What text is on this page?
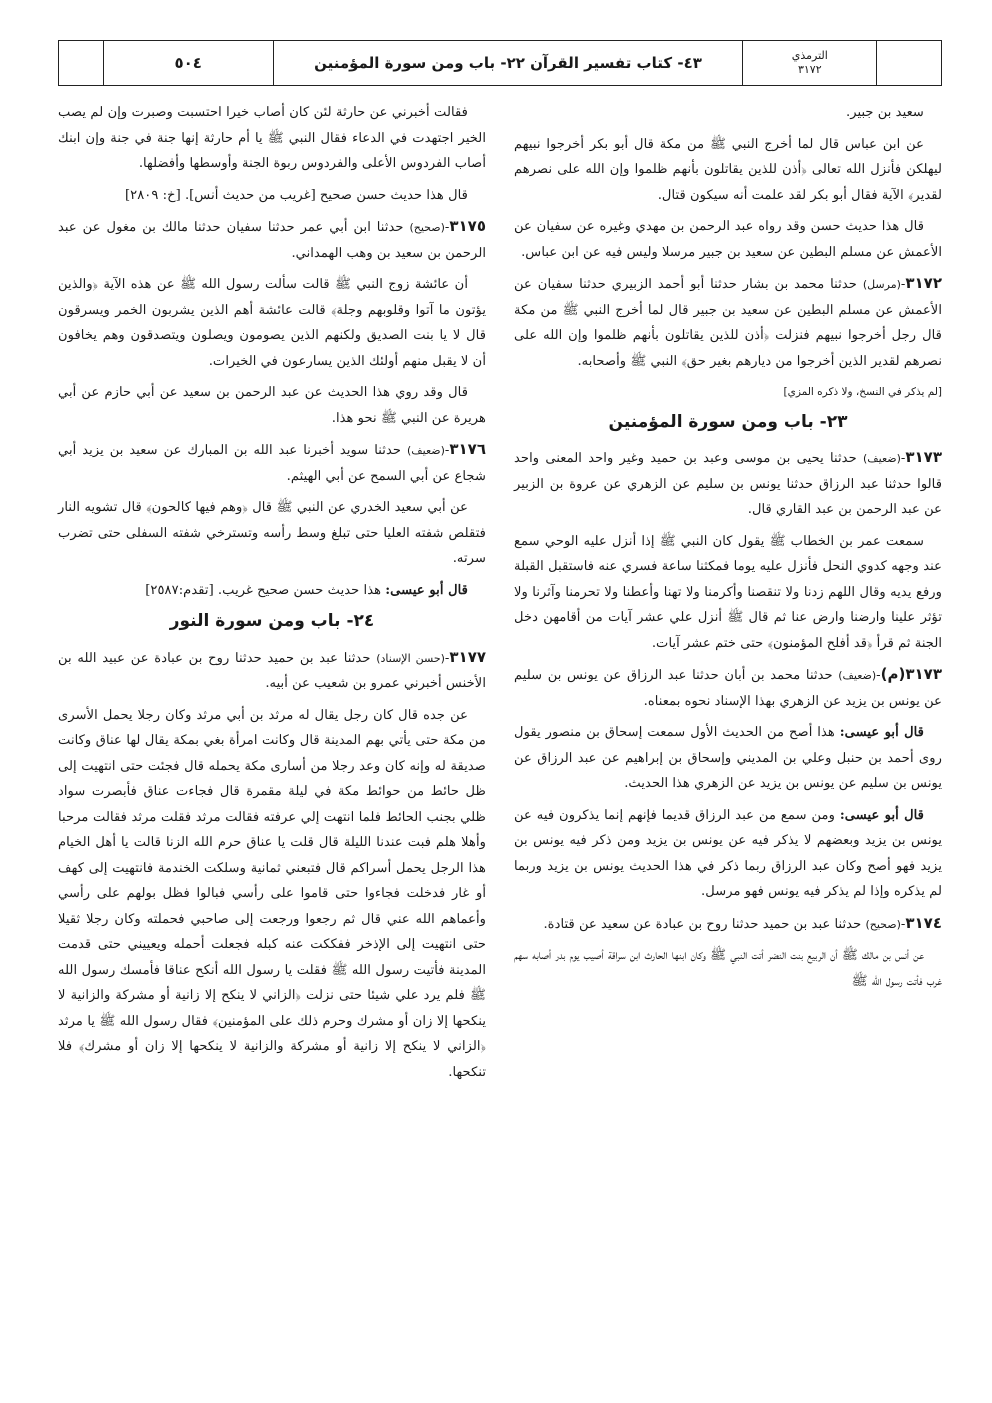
٥٠٤	٤٣- كتاب تفسير القرآن ٢٢- باب ومن سورة المؤمنين	الترمذي
٣١٧٢

سعيد بن جبير.

عن ابن عباس قال لما أخرج النبي ﷺ من مكة قال أبو بكر أخرجوا نبيهم ليهلكن فأنزل الله تعالى ﴿أذن للذين يقاتلون بأنهم ظلموا وإن الله على نصرهم لقدير﴾ الآية فقال أبو بكر لقد علمت أنه سيكون قتال.

قال هذا حديث حسن وقد رواه عبد الرحمن بن مهدي وغيره عن سفيان عن الأعمش عن مسلم البطين عن سعيد بن جبير مرسلا وليس فيه عن ابن عباس.

٣١٧٢-(مرسل) حدثنا محمد بن بشار حدثنا أبو أحمد الزبيري حدثنا سفيان عن الأعمش عن مسلم البطين عن سعيد بن جبير قال لما أخرج النبي ﷺ من مكة قال رجل أخرجوا نبيهم فنزلت ﴿أذن للذين يقاتلون بأنهم ظلموا وإن الله على نصرهم لقدير الذين أخرجوا من ديارهم بغير حق﴾ النبي ﷺ وأصحابه.

[لم يذكر في النسخ، ولا ذكره المزي]
٢٣- باب ومن سورة المؤمنين

٣١٧٣-(ضعيف) حدثنا يحيى بن موسى وعبد بن حميد وغير واحد المعنى واحد قالوا حدثنا عبد الرزاق حدثنا يونس بن سليم عن الزهري عن عروة بن الزبير عن عبد الرحمن بن عبد القاري قال.

سمعت عمر بن الخطاب ﷺ يقول كان النبي ﷺ إذا أنزل عليه الوحي سمع عند وجهه كدوي النحل فأنزل عليه يوما فمكثنا ساعة فسري عنه فاستقبل القبلة ورفع يديه وقال اللهم زدنا ولا تنقصنا وأكرمنا ولا تهنا وأعطنا ولا تحرمنا وآثرنا ولا تؤثر علينا وارضنا وارض عنا ثم قال ﷺ أنزل علي عشر آيات من أقامهن دخل الجنة ثم قرأ ﴿قد أفلح المؤمنون﴾ حتى ختم عشر آيات.

٣١٧٣(م)-(ضعيف) حدثنا محمد بن أبان حدثنا عبد الرزاق عن يونس بن سليم عن يونس بن يزيد عن الزهري بهذا الإسناد نحوه بمعناه.

قال أبو عيسى: هذا أصح من الحديث الأول سمعت إسحاق بن منصور يقول روى أحمد بن حنبل وعلي بن المديني وإسحاق بن إبراهيم عن عبد الرزاق عن يونس بن سليم عن يونس بن يزيد عن الزهري هذا الحديث.

قال أبو عيسى: ومن سمع من عبد الرزاق قديما فإنهم إنما يذكرون فيه عن يونس بن يزيد وبعضهم لا يذكر فيه عن يونس بن يزيد ومن ذكر فيه يونس بن يزيد فهو أصح وكان عبد الرزاق ربما ذكر في هذا الحديث يونس بن يزيد وربما لم يذكره وإذا لم يذكر فيه يونس فهو مرسل.

٣١٧٤-(صحيح) حدثنا عبد بن حميد حدثنا روح بن عبادة عن سعيد عن قتادة.

عن أنس بن مالك ﷺ أن الربيع بنت النضر أتت النبي ﷺ وكان ابنها الحارث ابن سراقة أصيب يوم بدر أصابه سهم غرب فأتت رسول الله ﷺ

فقالت أخبرني عن حارثة لئن كان أصاب خيرا احتسبت وصبرت وإن لم يصب الخير اجتهدت في الدعاء فقال النبي ﷺ يا أم حارثة إنها جنة في جنة وإن ابنك أصاب الفردوس الأعلى والفردوس ربوة الجنة وأوسطها وأفضلها.

قال هذا حديث حسن صحيح [غريب من حديث أنس]. [خ: ٢٨٠٩]

٣١٧٥-(صحيح) حدثنا ابن أبي عمر حدثنا سفيان حدثنا مالك بن مغول عن عبد الرحمن بن سعيد بن وهب الهمداني.

أن عائشة زوج النبي ﷺ قالت سألت رسول الله ﷺ عن هذه الآية ﴿والذين يؤتون ما آتوا وقلوبهم وجلة﴾ قالت عائشة أهم الذين يشربون الخمر ويسرقون قال لا يا بنت الصديق ولكنهم الذين يصومون ويصلون ويتصدقون وهم يخافون أن لا يقبل منهم أولئك الذين يسارعون في الخيرات.

قال وقد روي هذا الحديث عن عبد الرحمن بن سعيد عن أبي حازم عن أبي هريرة عن النبي ﷺ نحو هذا.

٣١٧٦-(ضعيف) حدثنا سويد أخبرنا عبد الله بن المبارك عن سعيد بن يزيد أبي شجاع عن أبي السمح عن أبي الهيثم.

عن أبي سعيد الخدري عن النبي ﷺ قال ﴿وهم فيها كالحون﴾ قال تشويه النار فتقلص شفته العليا حتى تبلغ وسط رأسه وتسترخي شفته السفلى حتى تضرب سرته.

قال أبو عيسى: هذا حديث حسن صحيح غريب. [تقدم:٢٥٨٧]

٢٤- باب ومن سورة النور

٣١٧٧-(حسن الإسناد) حدثنا عبد بن حميد حدثنا روح بن عبادة عن عبيد الله بن الأخنس أخبرني عمرو بن شعيب عن أبيه.

عن جده قال كان رجل يقال له مرثد بن أبي مرثد وكان رجلا يحمل الأسرى من مكة حتى يأتي بهم المدينة قال وكانت امرأة بغي بمكة يقال لها عناق وكانت صديقة له وإنه كان وعد رجلا من أسارى مكة يحمله قال فجئت حتى انتهيت إلى ظل حائط من حوائط مكة في ليلة مقمرة قال فجاءت عناق فأبصرت سواد ظلي بجنب الحائط فلما انتهت إلي عرفته فقالت مرثد فقلت مرثد فقالت مرحبا وأهلا هلم فبت عندنا الليلة قال قلت يا عناق حرم الله الزنا قالت يا أهل الخيام هذا الرجل يحمل أسراكم قال فتبعني ثمانية وسلكت الخندمة فانتهيت إلى كهف أو غار فدخلت فجاءوا حتى قاموا على رأسي فبالوا فظل بولهم على رأسي وأعماهم الله عني قال ثم رجعوا ورجعت إلى صاحبي فحملته وكان رجلا ثقيلا حتى انتهيت إلى الإذخر ففككت عنه كبله فجعلت أحمله ويعييني حتى قدمت المدينة فأتيت رسول الله ﷺ فقلت يا رسول الله أنكح عناقا فأمسك رسول الله ﷺ فلم يرد علي شيئا حتى نزلت ﴿الزاني لا ينكح إلا زانية أو مشركة والزانية لا ينكحها إلا زان أو مشرك وحرم ذلك على المؤمنين﴾ فقال رسول الله ﷺ يا مرثد ﴿الزاني لا ينكح إلا زانية أو مشركة والزانية لا ينكحها إلا زان أو مشرك﴾ فلا تنكحها.
